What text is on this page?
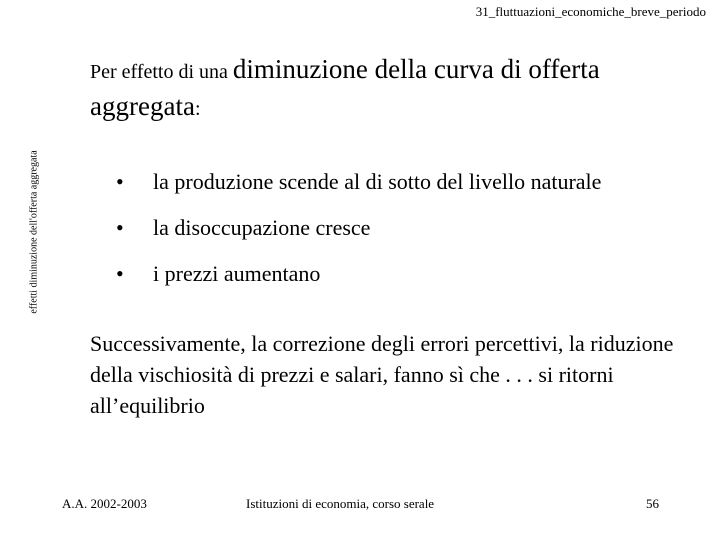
31_fluttuazioni_economiche_breve_periodo
effetti diminuzione dell'offerta aggregata
Per effetto di una diminuzione della curva di offerta aggregata:
• la produzione scende al di sotto del livello naturale
• la disoccupazione cresce
• i prezzi aumentano
Successivamente, la correzione degli errori percettivi, la riduzione della vischiosità di prezzi e salari, fanno sì che . . . si ritorni all’equilibrio
A.A. 2002-2003	Istituzioni di economia, corso serale	56
